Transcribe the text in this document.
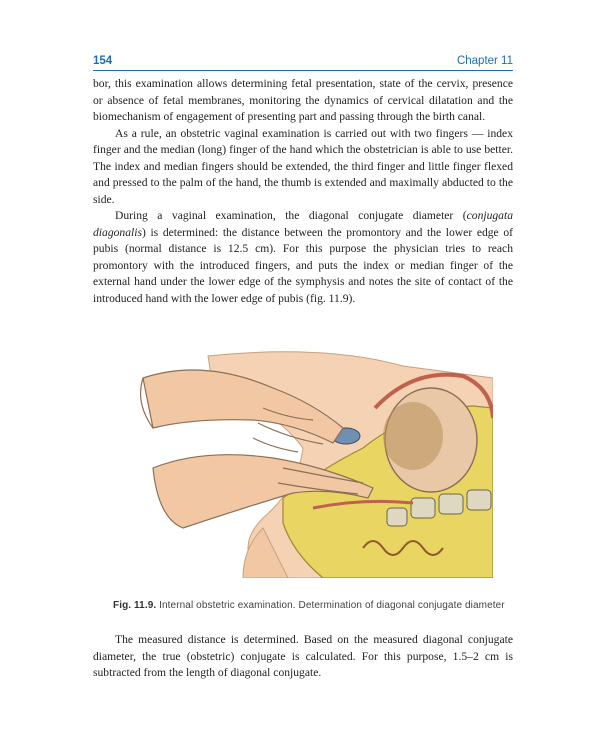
154	Chapter 11

bor, this examination allows determining fetal presentation, state of the cervix, presence or absence of fetal membranes, monitoring the dynamics of cervical dilatation and the biomechanism of engagement of presenting part and passing through the birth canal.

As a rule, an obstetric vaginal examination is carried out with two fingers — index finger and the median (long) finger of the hand which the obstetrician is able to use better. The index and median fingers should be extended, the third finger and little finger flexed and pressed to the palm of the hand, the thumb is extended and maximally abducted to the side.

During a vaginal examination, the diagonal conjugate diameter (conjugata diagonalis) is determined: the distance between the promontory and the lower edge of pubis (normal distance is 12.5 cm). For this purpose the physician tries to reach promontory with the introduced fingers, and puts the index or median finger of the external hand under the lower edge of the symphysis and notes the site of contact of the introduced hand with the lower edge of pubis (fig. 11.9).

Fig. 11.9. Internal obstetric examination. Determination of diagonal conjugate diameter

The measured distance is determined. Based on the measured diagonal conjugate diameter, the true (obstetric) conjugate is calculated. For this purpose, 1.5–2 cm is subtracted from the length of diagonal conjugate.
